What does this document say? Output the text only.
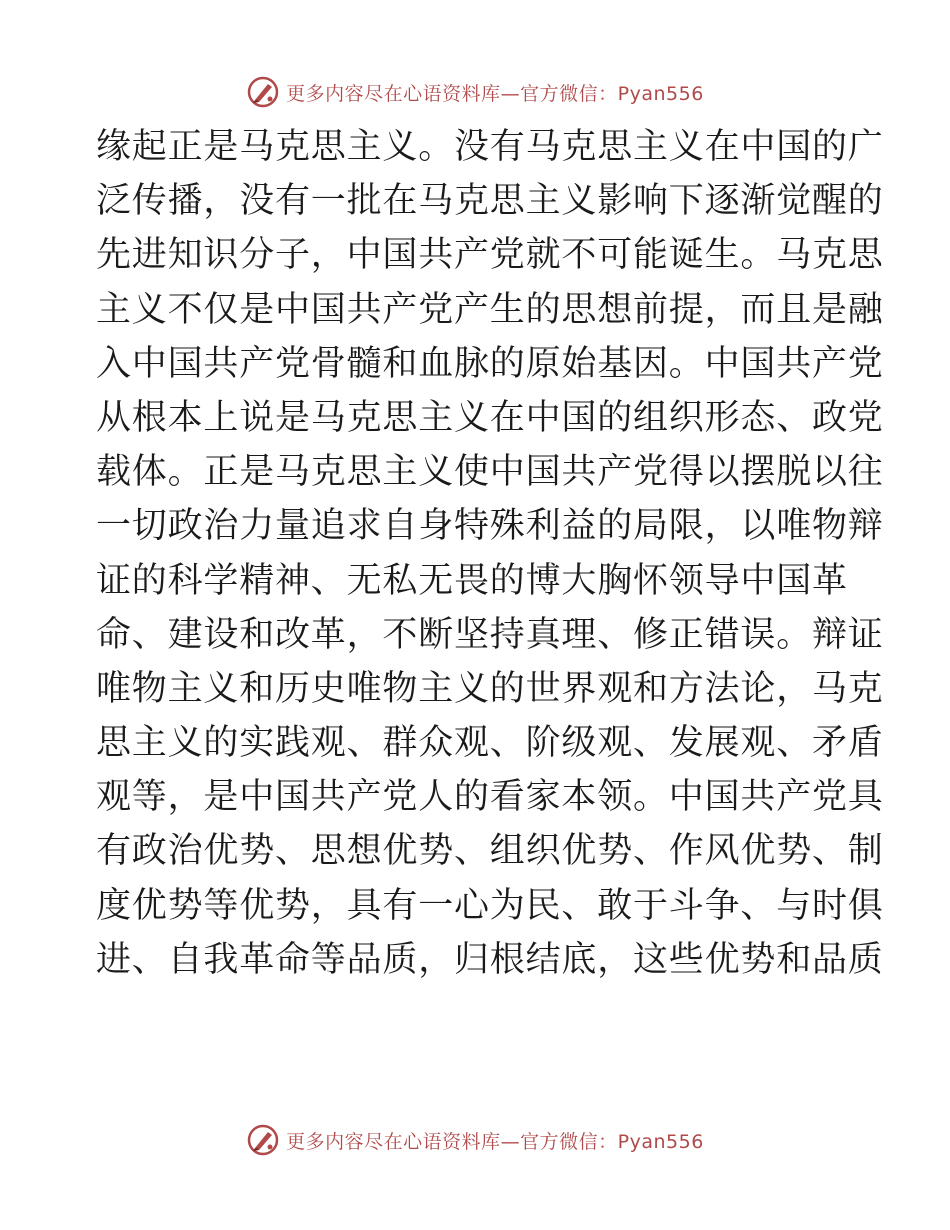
更多内容尽在心语资料库—官方微信：Pyan556
缘起正是马克思主义。没有马克思主义在中国的广
泛传播，没有一批在马克思主义影响下逐渐觉醒的
先进知识分子，中国共产党就不可能诞生。马克思
主义不仅是中国共产党产生的思想前提，而且是融
入中国共产党骨髓和血脉的原始基因。中国共产党
从根本上说是马克思主义在中国的组织形态、政党
载体。正是马克思主义使中国共产党得以摆脱以往
一切政治力量追求自身特殊利益的局限，以唯物辩
证的科学精神、无私无畏的博大胸怀领导中国革
命、建设和改革，不断坚持真理、修正错误。辩证
唯物主义和历史唯物主义的世界观和方法论，马克
思主义的实践观、群众观、阶级观、发展观、矛盾
观等，是中国共产党人的看家本领。中国共产党具
有政治优势、思想优势、组织优势、作风优势、制
度优势等优势，具有一心为民、敢于斗争、与时俱
进、自我革命等品质，归根结底，这些优势和品质
更多内容尽在心语资料库—官方微信：Pyan556
